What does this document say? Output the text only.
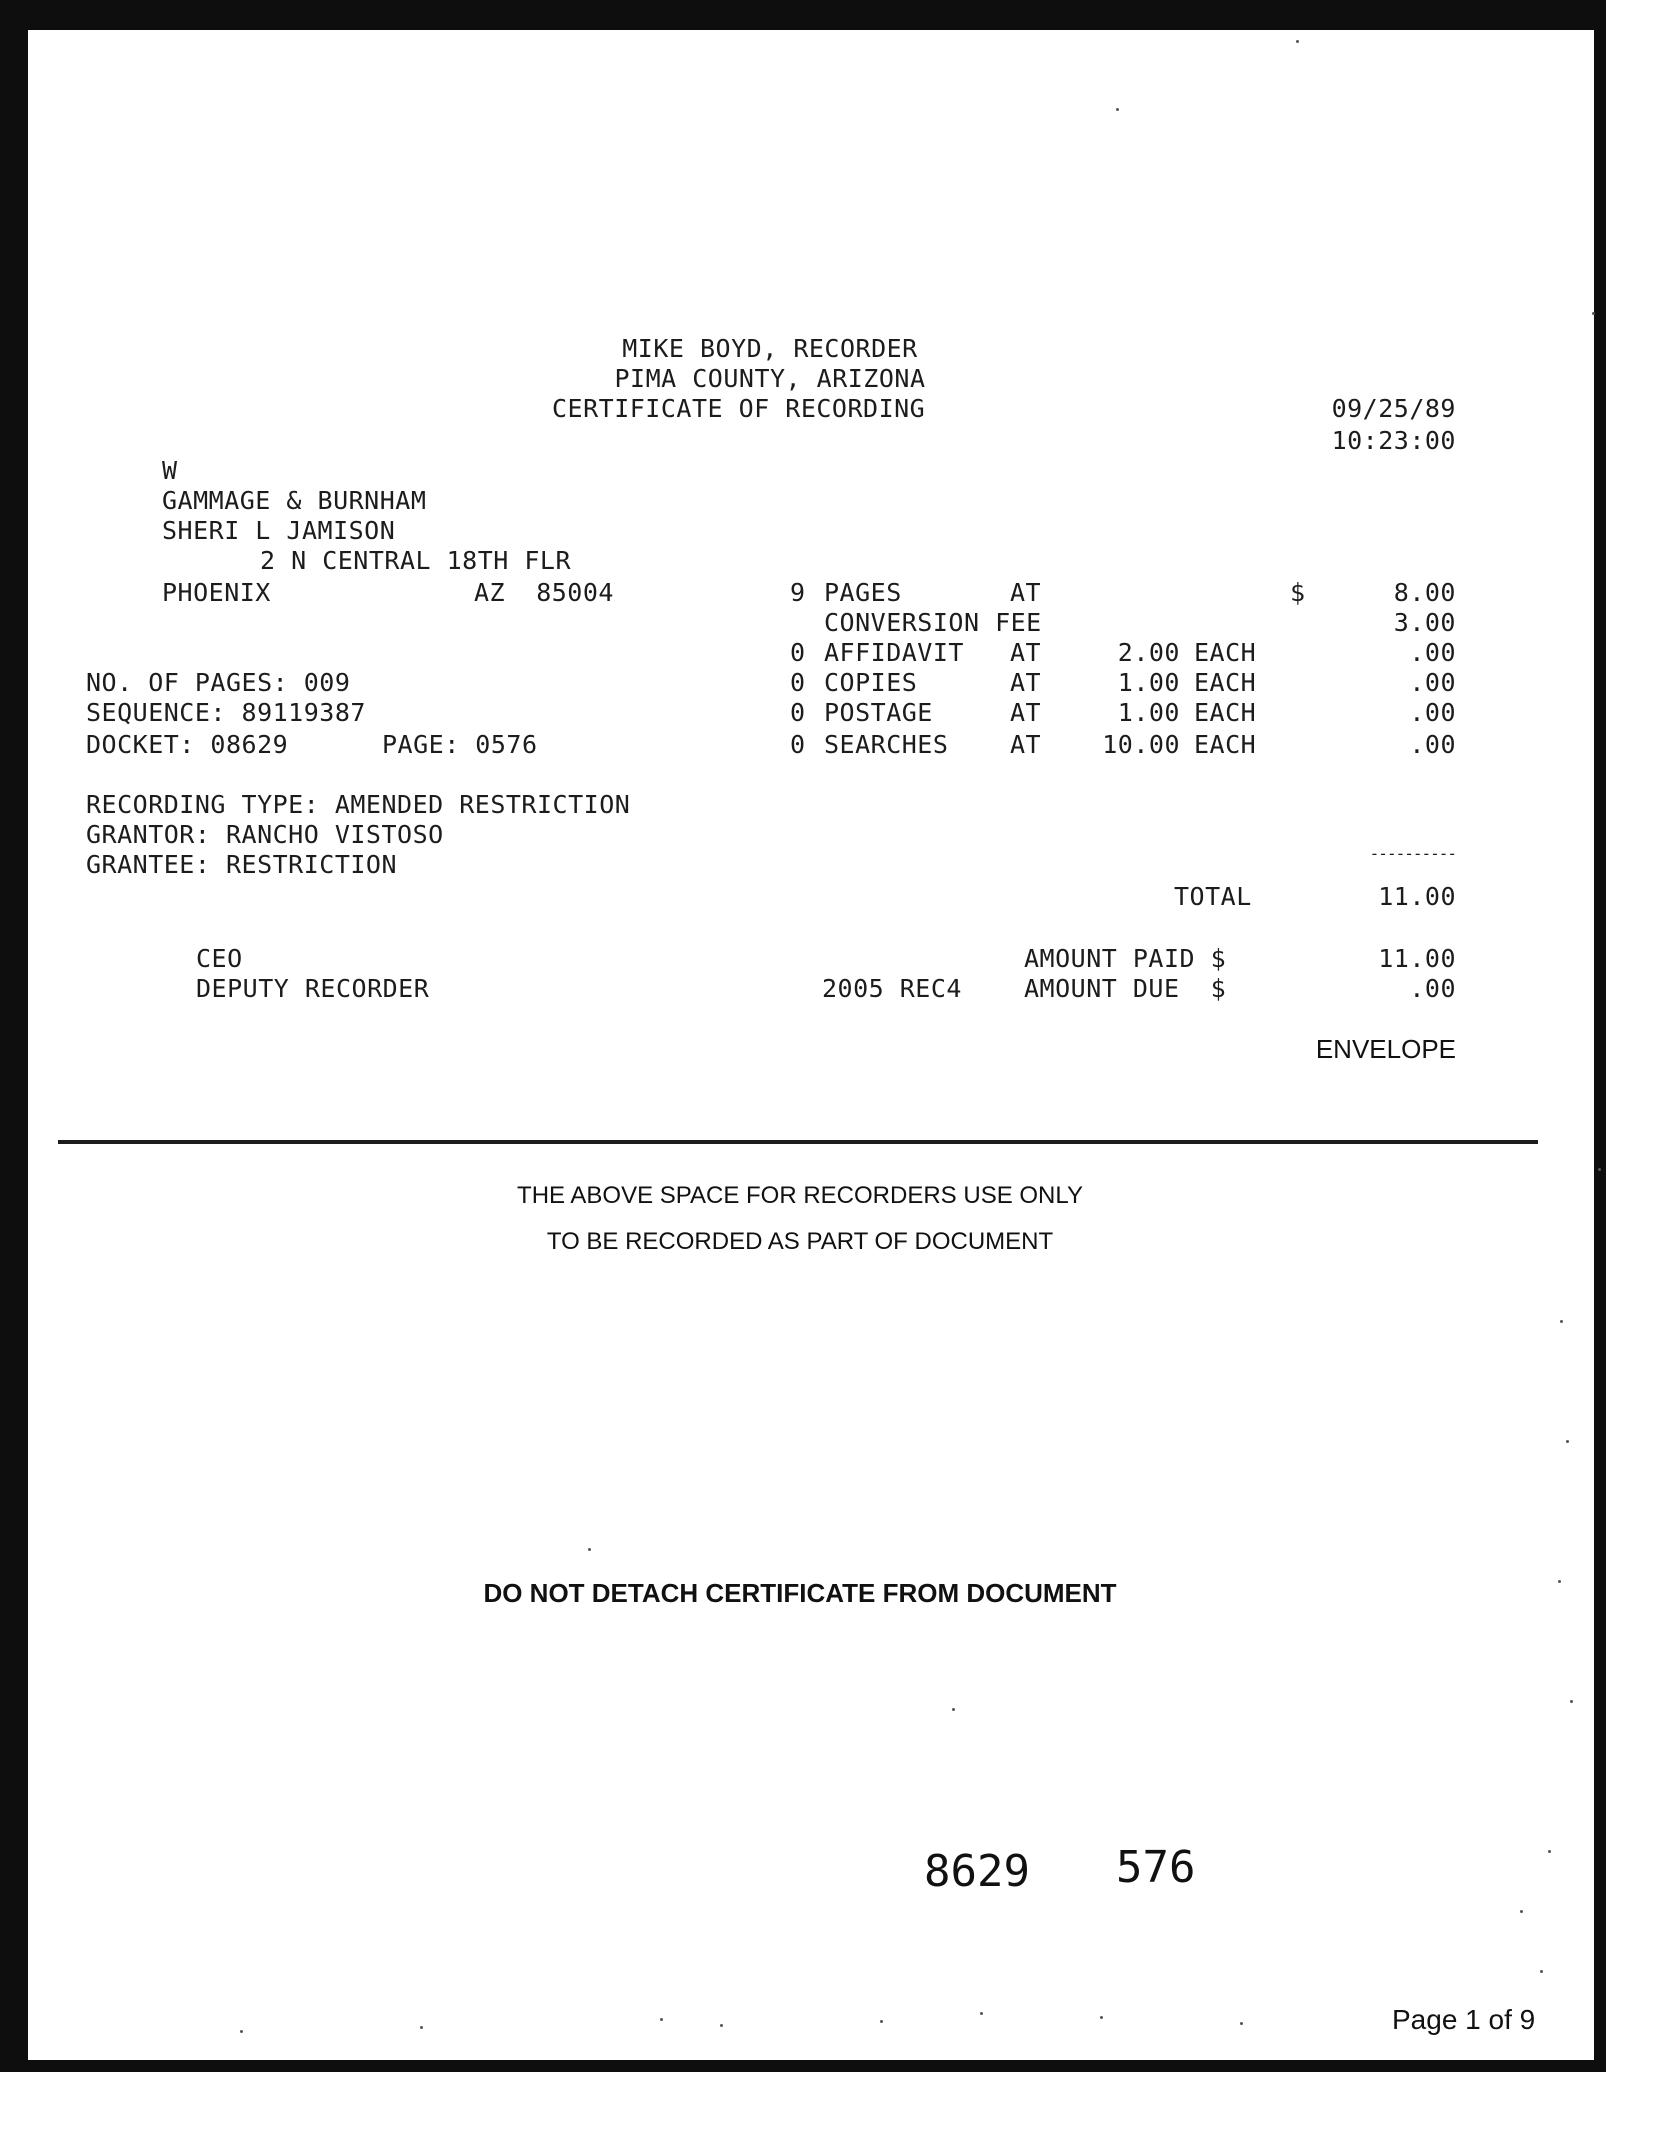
MIKE BOYD, RECORDER
PIMA COUNTY, ARIZONA
CERTIFICATE OF RECORDING	09/25/89
10:23:00
W
GAMMAGE & BURNHAM
SHERI L JAMISON
2 N CENTRAL 18TH FLR
PHOENIX	AZ  85004
NO. OF PAGES: 009
SEQUENCE: 89119387
DOCKET: 08629	PAGE: 0576
RECORDING TYPE: AMENDED RESTRICTION
GRANTOR: RANCHO VISTOSO
GRANTEE: RESTRICTION
9 PAGES	AT	$	8.00
CONVERSION FEE	3.00
0 AFFIDAVIT AT	2.00 EACH	.00
0 COPIES	AT	1.00 EACH	.00
0 POSTAGE	AT	1.00 EACH	.00
0 SEARCHES AT	10.00 EACH	.00
----------
TOTAL	11.00
CEO
DEPUTY RECORDER
AMOUNT PAID $	11.00
2005 REC4 AMOUNT DUE  $	.00
ENVELOPE
THE ABOVE SPACE FOR RECORDERS USE ONLY
TO BE RECORDED AS PART OF DOCUMENT
DO NOT DETACH CERTIFICATE FROM DOCUMENT
8629 576
Page 1 of 9
